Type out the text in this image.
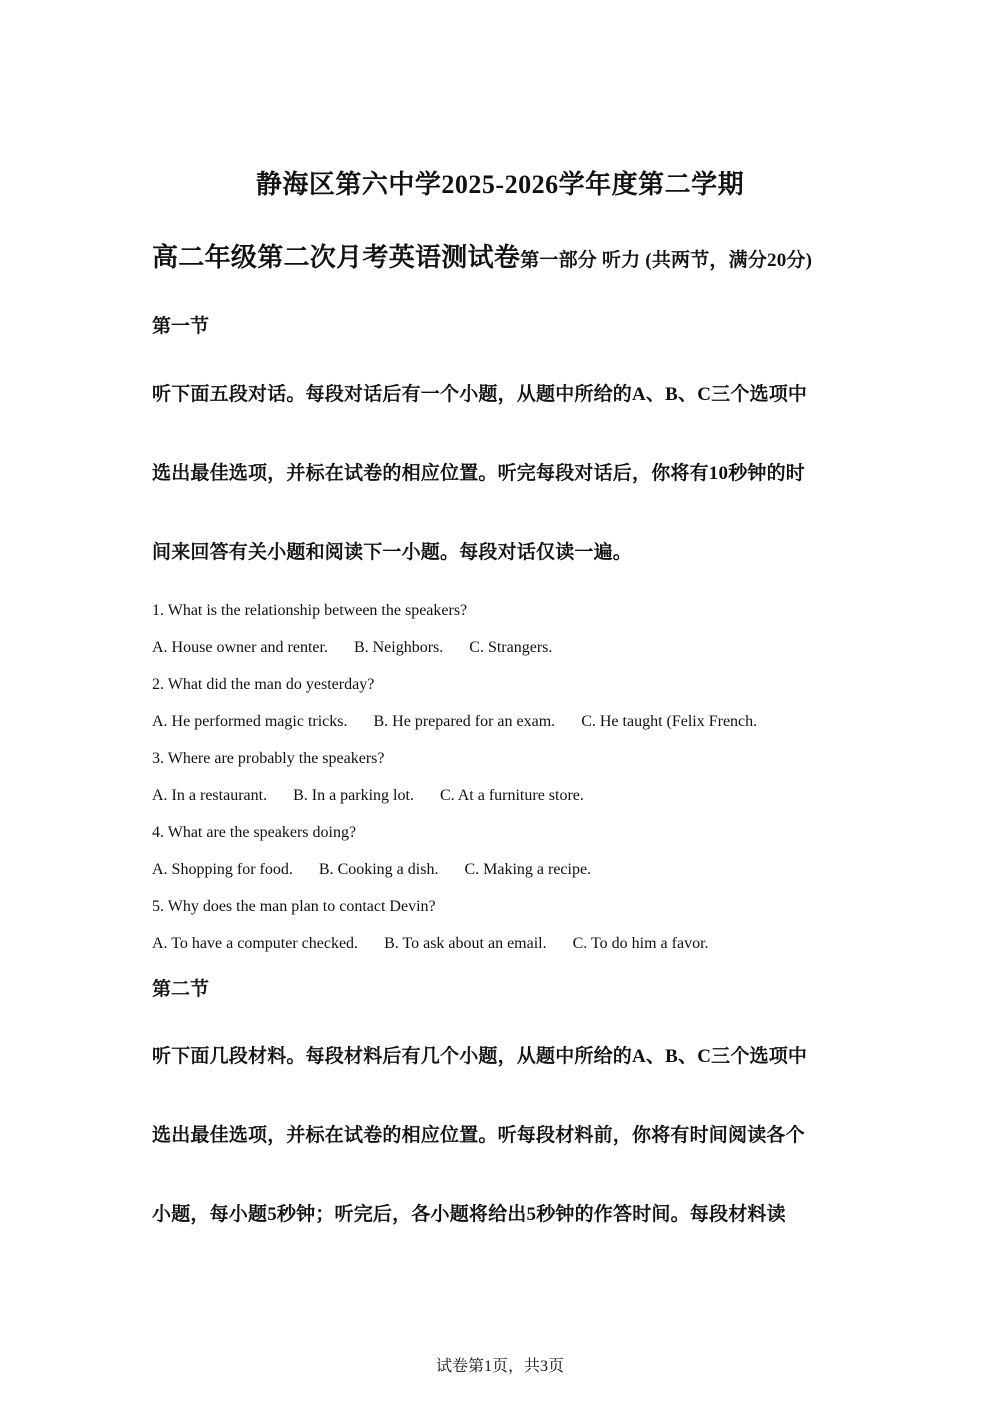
静海区第六中学2025-2026学年度第二学期
高二年级第二次月考英语测试卷第一部分 听力 (共两节，满分20分)
第一节
听下面五段对话。每段对话后有一个小题，从题中所给的A、B、C三个选项中
选出最佳选项，并标在试卷的相应位置。听完每段对话后，你将有10秒钟的时
间来回答有关小题和阅读下一小题。每段对话仅读一遍。
1. What is the relationship between the speakers?
A. House owner and renter. B. Neighbors. C. Strangers.
2. What did the man do yesterday?
A. He performed magic tricks. B. He prepared for an exam. C. He taught (Felix French.
3. Where are probably the speakers?
A. In a restaurant. B. In a parking lot. C. At a furniture store.
4. What are the speakers doing?
A. Shopping for food. B. Cooking a dish. C. Making a recipe.
5. Why does the man plan to contact Devin?
A. To have a computer checked. B. To ask about an email. C. To do him a favor.
第二节
听下面几段材料。每段材料后有几个小题，从题中所给的A、B、C三个选项中
选出最佳选项，并标在试卷的相应位置。听每段材料前，你将有时间阅读各个
小题，每小题5秒钟；听完后，各小题将给出5秒钟的作答时间。每段材料读
试卷第1页，共3页
